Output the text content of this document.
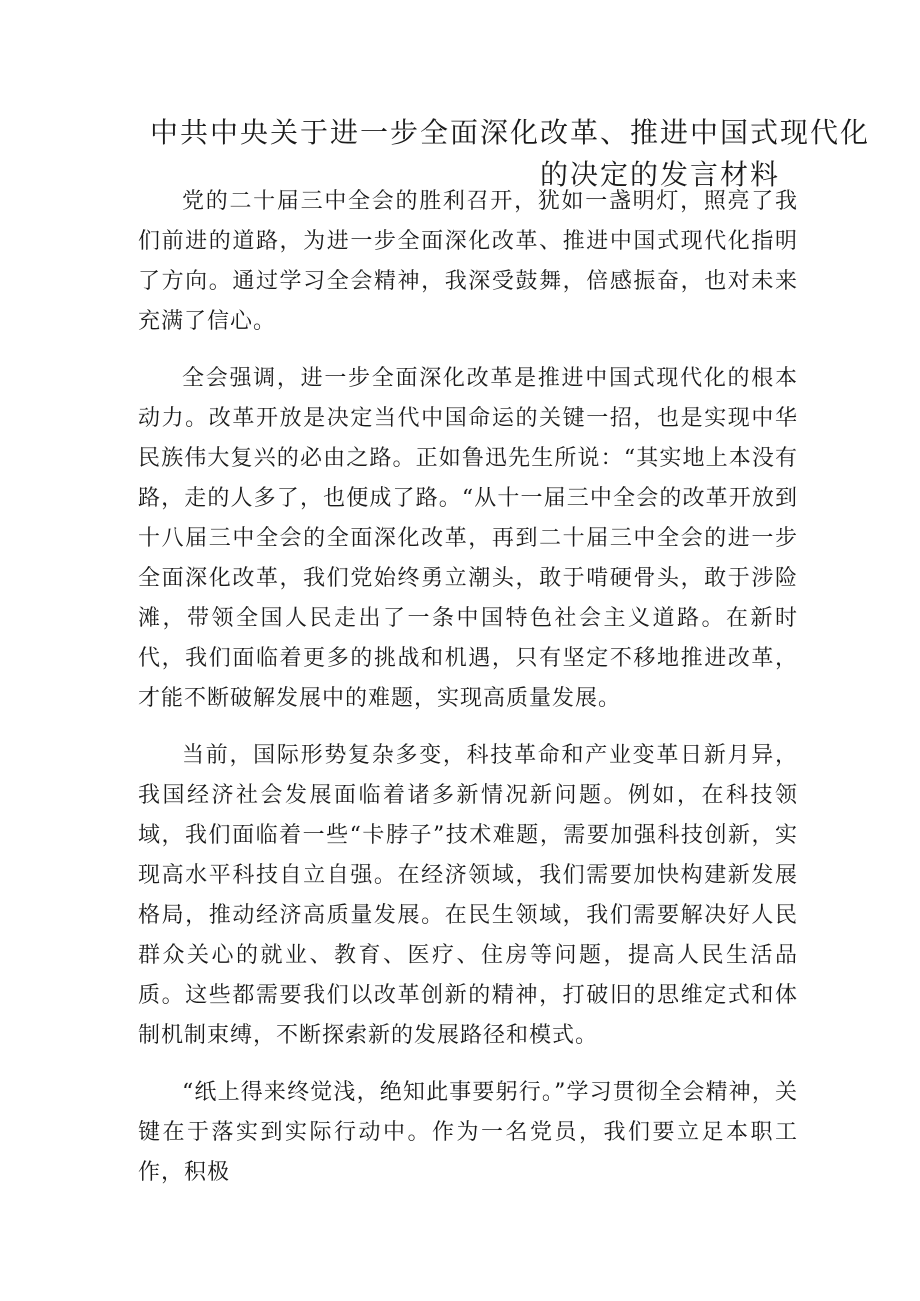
中共中央关于进一步全面深化改革、推进中国式现代化
的决定的发言材料

党的二十届三中全会的胜利召开，犹如一盏明灯，照亮了我们前进的道路，为进一步全面深化改革、推进中国式现代化指明了方向。通过学习全会精神，我深受鼓舞，倍感振奋，也对未来充满了信心。

全会强调，进一步全面深化改革是推进中国式现代化的根本动力。改革开放是决定当代中国命运的关键一招，也是实现中华民族伟大复兴的必由之路。正如鲁迅先生所说：“其实地上本没有路，走的人多了，也便成了路。“从十一届三中全会的改革开放到十八届三中全会的全面深化改革，再到二十届三中全会的进一步全面深化改革，我们党始终勇立潮头，敢于啃硬骨头，敢于涉险滩，带领全国人民走出了一条中国特色社会主义道路。在新时代，我们面临着更多的挑战和机遇，只有坚定不移地推进改革，才能不断破解发展中的难题，实现高质量发展。

当前，国际形势复杂多变，科技革命和产业变革日新月异，我国经济社会发展面临着诸多新情况新问题。例如，在科技领域，我们面临着一些“卡脖子”技术难题，需要加强科技创新，实现高水平科技自立自强。在经济领域，我们需要加快构建新发展格局，推动经济高质量发展。在民生领域，我们需要解决好人民群众关心的就业、教育、医疗、住房等问题，提高人民生活品质。这些都需要我们以改革创新的精神，打破旧的思维定式和体制机制束缚，不断探索新的发展路径和模式。

“纸上得来终觉浅，绝知此事要躬行。”学习贯彻全会精神，关键在于落实到实际行动中。作为一名党员，我们要立足本职工作，积极
